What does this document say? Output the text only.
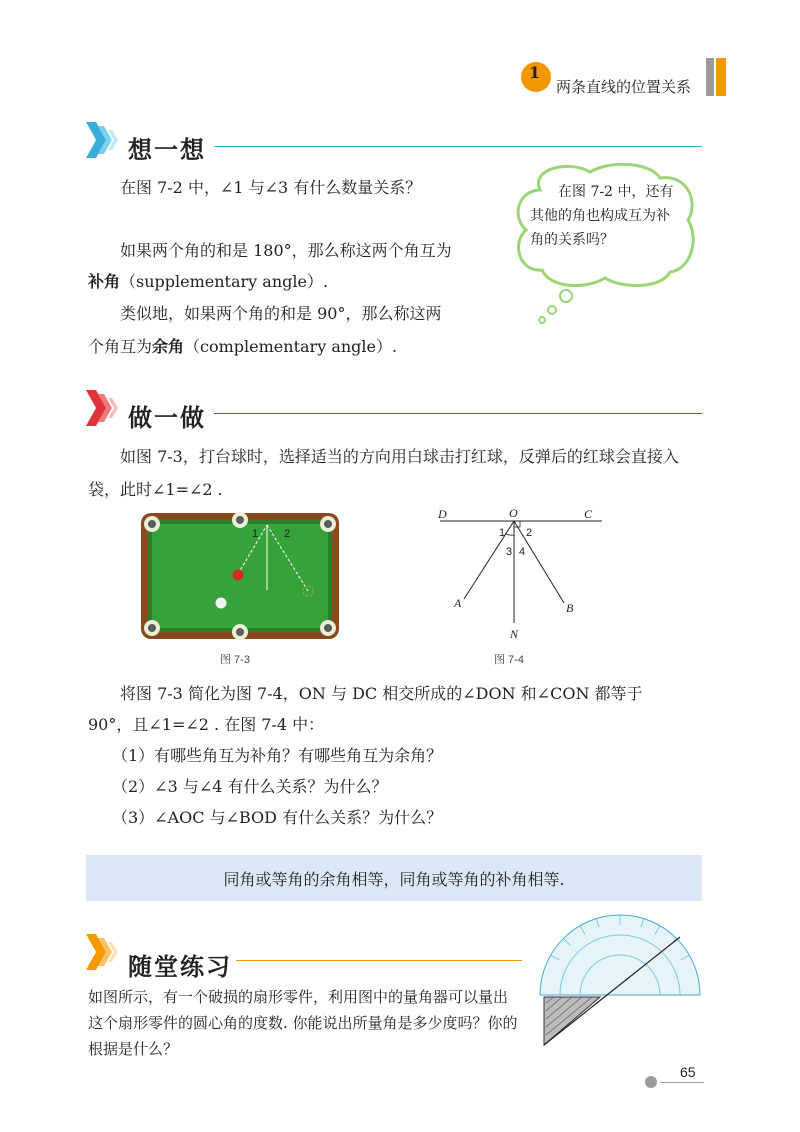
1
两条直线的位置关系
想一想

在图 7-2 中，∠1 与∠3 有什么数量关系？

如果两个角的和是 180°，那么称这两个角互为

补角（supplementary angle）.

类似地，如果两个角的和是 90°，那么称这两

个角互为余角（complementary angle）.

在图 7-2 中，还有其他的角也构成互为补角的关系吗？
做一做

如图 7-3，打台球时，选择适当的方向用白球击打红球，反弹后的红球会直接入袋，此时∠1=∠2 .

1 2
图 7-3
D	O	C
1 2
3 4
A	B
N
图 7-4

将图 7-3 简化为图 7-4，ON 与 DC 相交所成的∠DON 和∠CON 都等于

90°，且∠1=∠2 . 在图 7-4 中：

（1）有哪些角互为补角？有哪些角互为余角？

（2）∠3 与∠4 有什么关系？为什么？

（3）∠AOC 与∠BOD 有什么关系？为什么？

同角或等角的余角相等，同角或等角的补角相等.
随堂练习
如图所示，有一个破损的扇形零件，利用图中的量角器可以量出这个扇形零件的圆心角的度数. 你能说出所量角是多少度吗？你的根据是什么？
65
